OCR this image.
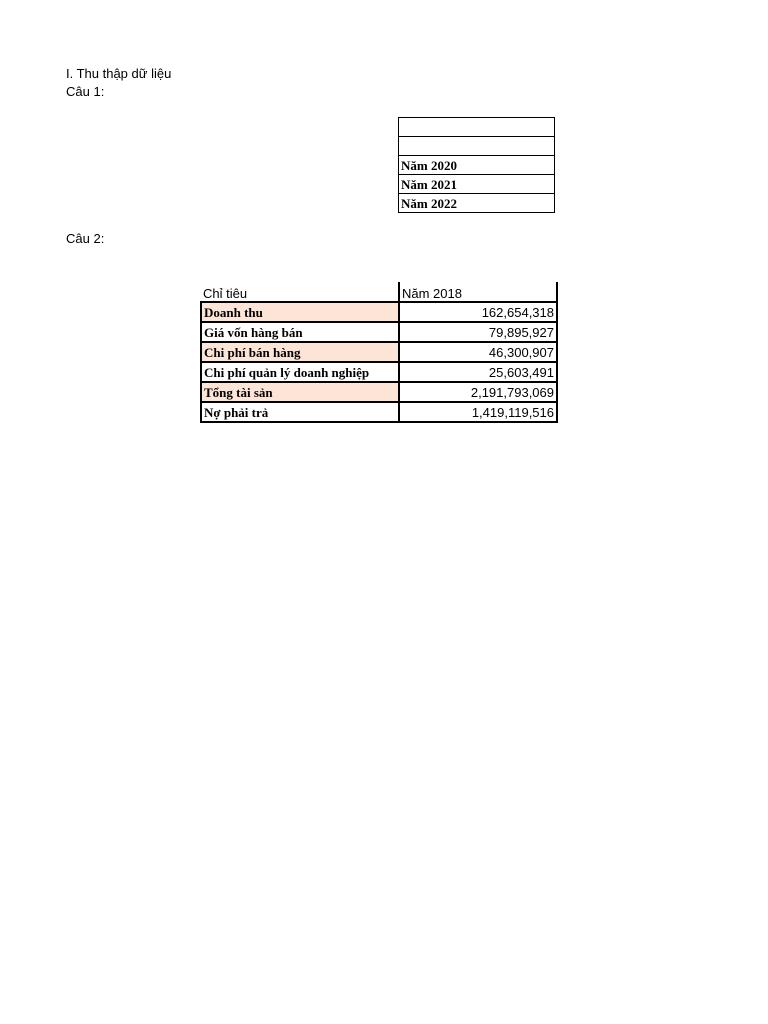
I. Thu thập dữ liệu
Câu 1:

Năm 2020
Năm 2021
Năm 2022
Câu 2:
Chỉ tiêu	Năm 2018
Doanh thu	162,654,318
Giá vốn hàng bán	79,895,927
Chi phí bán hàng	46,300,907
Chi phí quản lý doanh nghiệp	25,603,491
Tổng tài sản	2,191,793,069
Nợ phải trả	1,419,119,516
